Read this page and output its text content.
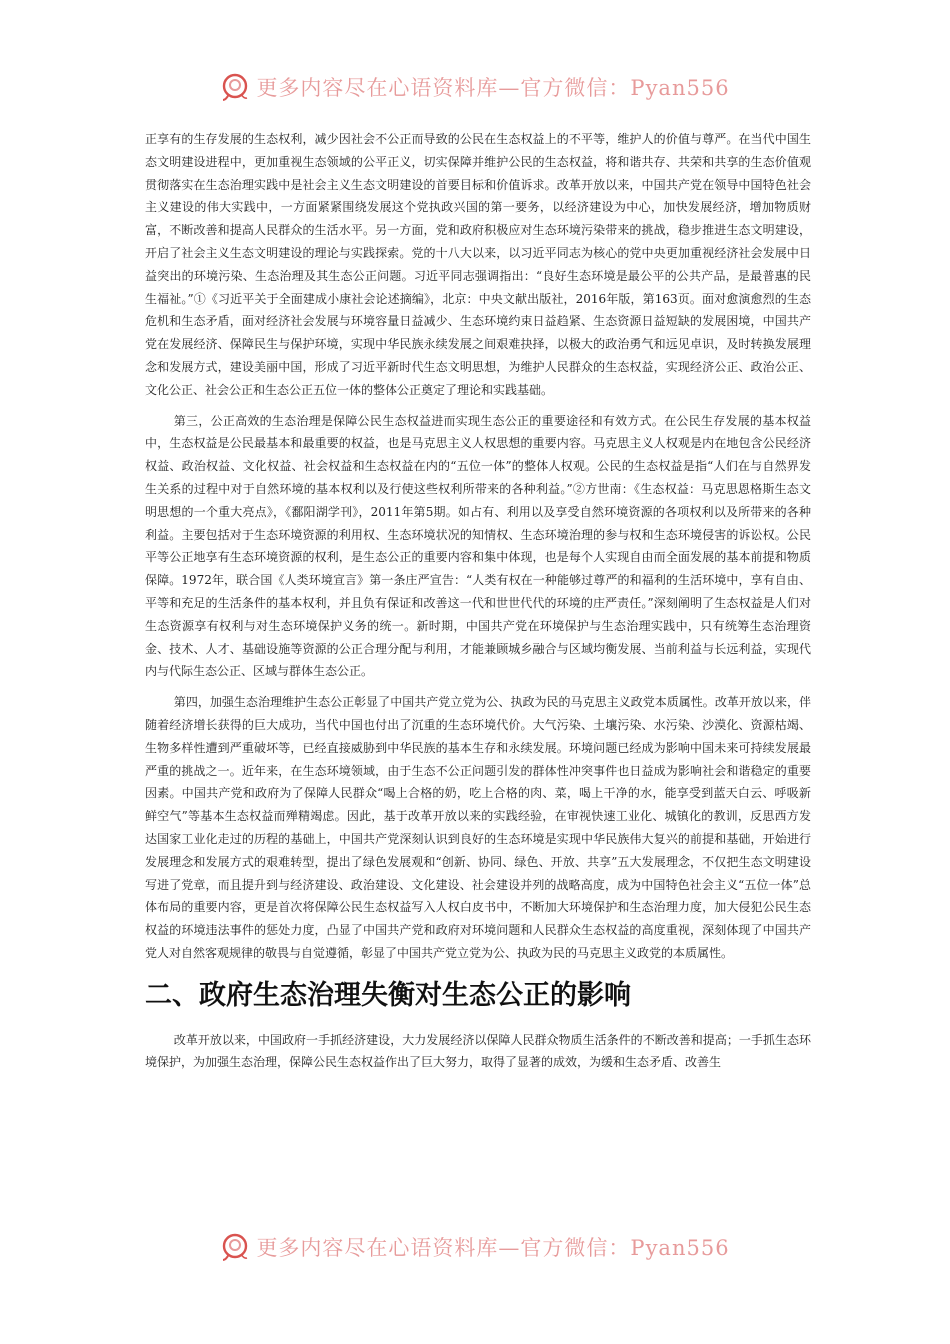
更多内容尽在心语资料库—官方微信：Pyan556

正享有的生存发展的生态权利，减少因社会不公正而导致的公民在生态权益上的不平等，维护人的价值与尊严。在当代中国生态文明建设进程中，更加重视生态领域的公平正义，切实保障并维护公民的生态权益，将和谐共存、共荣和共享的生态价值观贯彻落实在生态治理实践中是社会主义生态文明建设的首要目标和价值诉求。改革开放以来，中国共产党在领导中国特色社会主义建设的伟大实践中，一方面紧紧围绕发展这个党执政兴国的第一要务，以经济建设为中心，加快发展经济，增加物质财富，不断改善和提高人民群众的生活水平。另一方面，党和政府积极应对生态环境污染带来的挑战，稳步推进生态文明建设，开启了社会主义生态文明建设的理论与实践探索。党的十八大以来，以习近平同志为核心的党中央更加重视经济社会发展中日益突出的环境污染、生态治理及其生态公正问题。习近平同志强调指出：“良好生态环境是最公平的公共产品，是最普惠的民生福祉。”①《习近平关于全面建成小康社会论述摘编》，北京：中央文献出版社，2016年版，第163页。面对愈演愈烈的生态危机和生态矛盾，面对经济社会发展与环境容量日益减少、生态环境约束日益趋紧、生态资源日益短缺的发展困境，中国共产党在发展经济、保障民生与保护环境，实现中华民族永续发展之间艰难抉择，以极大的政治勇气和远见卓识，及时转换发展理念和发展方式，建设美丽中国，形成了习近平新时代生态文明思想，为维护人民群众的生态权益，实现经济公正、政治公正、文化公正、社会公正和生态公正五位一体的整体公正奠定了理论和实践基础。

第三，公正高效的生态治理是保障公民生态权益进而实现生态公正的重要途径和有效方式。在公民生存发展的基本权益中，生态权益是公民最基本和最重要的权益，也是马克思主义人权思想的重要内容。马克思主义人权观是内在地包含公民经济权益、政治权益、文化权益、社会权益和生态权益在内的“五位一体”的整体人权观。公民的生态权益是指“人们在与自然界发生关系的过程中对于自然环境的基本权利以及行使这些权利所带来的各种利益。”②方世南：《生态权益：马克思恩格斯生态文明思想的一个重大亮点》，《鄱阳湖学刊》，2011年第5期。如占有、利用以及享受自然环境资源的各项权利以及所带来的各种利益。主要包括对于生态环境资源的利用权、生态环境状况的知情权、生态环境治理的参与权和生态环境侵害的诉讼权。公民平等公正地享有生态环境资源的权利，是生态公正的重要内容和集中体现，也是每个人实现自由而全面发展的基本前提和物质保障。1972年，联合国《人类环境宣言》第一条庄严宣告：“人类有权在一种能够过尊严的和福利的生活环境中，享有自由、平等和充足的生活条件的基本权利，并且负有保证和改善这一代和世世代代的环境的庄严责任。”深刻阐明了生态权益是人们对生态资源享有权利与对生态环境保护义务的统一。新时期，中国共产党在环境保护与生态治理实践中，只有统筹生态治理资金、技术、人才、基础设施等资源的公正合理分配与利用，才能兼顾城乡融合与区域均衡发展、当前利益与长远利益，实现代内与代际生态公正、区域与群体生态公正。

第四，加强生态治理维护生态公正彰显了中国共产党立党为公、执政为民的马克思主义政党本质属性。改革开放以来，伴随着经济增长获得的巨大成功，当代中国也付出了沉重的生态环境代价。大气污染、土壤污染、水污染、沙漠化、资源枯竭、生物多样性遭到严重破坏等，已经直接威胁到中华民族的基本生存和永续发展。环境问题已经成为影响中国未来可持续发展最严重的挑战之一。近年来，在生态环境领域，由于生态不公正问题引发的群体性冲突事件也日益成为影响社会和谐稳定的重要因素。中国共产党和政府为了保障人民群众“喝上合格的奶，吃上合格的肉、菜，喝上干净的水，能享受到蓝天白云、呼吸新鲜空气”等基本生态权益而殚精竭虑。因此，基于改革开放以来的实践经验，在审视快速工业化、城镇化的教训，反思西方发达国家工业化走过的历程的基础上，中国共产党深刻认识到良好的生态环境是实现中华民族伟大复兴的前提和基础，开始进行发展理念和发展方式的艰难转型，提出了绿色发展观和“创新、协同、绿色、开放、共享”五大发展理念，不仅把生态文明建设写进了党章，而且提升到与经济建设、政治建设、文化建设、社会建设并列的战略高度，成为中国特色社会主义“五位一体”总体布局的重要内容，更是首次将保障公民生态权益写入人权白皮书中，不断加大环境保护和生态治理力度，加大侵犯公民生态权益的环境违法事件的惩处力度，凸显了中国共产党和政府对环境问题和人民群众生态权益的高度重视，深刻体现了中国共产党人对自然客观规律的敬畏与自觉遵循，彰显了中国共产党立党为公、执政为民的马克思主义政党的本质属性。

二、政府生态治理失衡对生态公正的影响

改革开放以来，中国政府一手抓经济建设，大力发展经济以保障人民群众物质生活条件的不断改善和提高；一手抓生态环境保护，为加强生态治理，保障公民生态权益作出了巨大努力，取得了显著的成效，为缓和生态矛盾、改善生

更多内容尽在心语资料库—官方微信：Pyan556
